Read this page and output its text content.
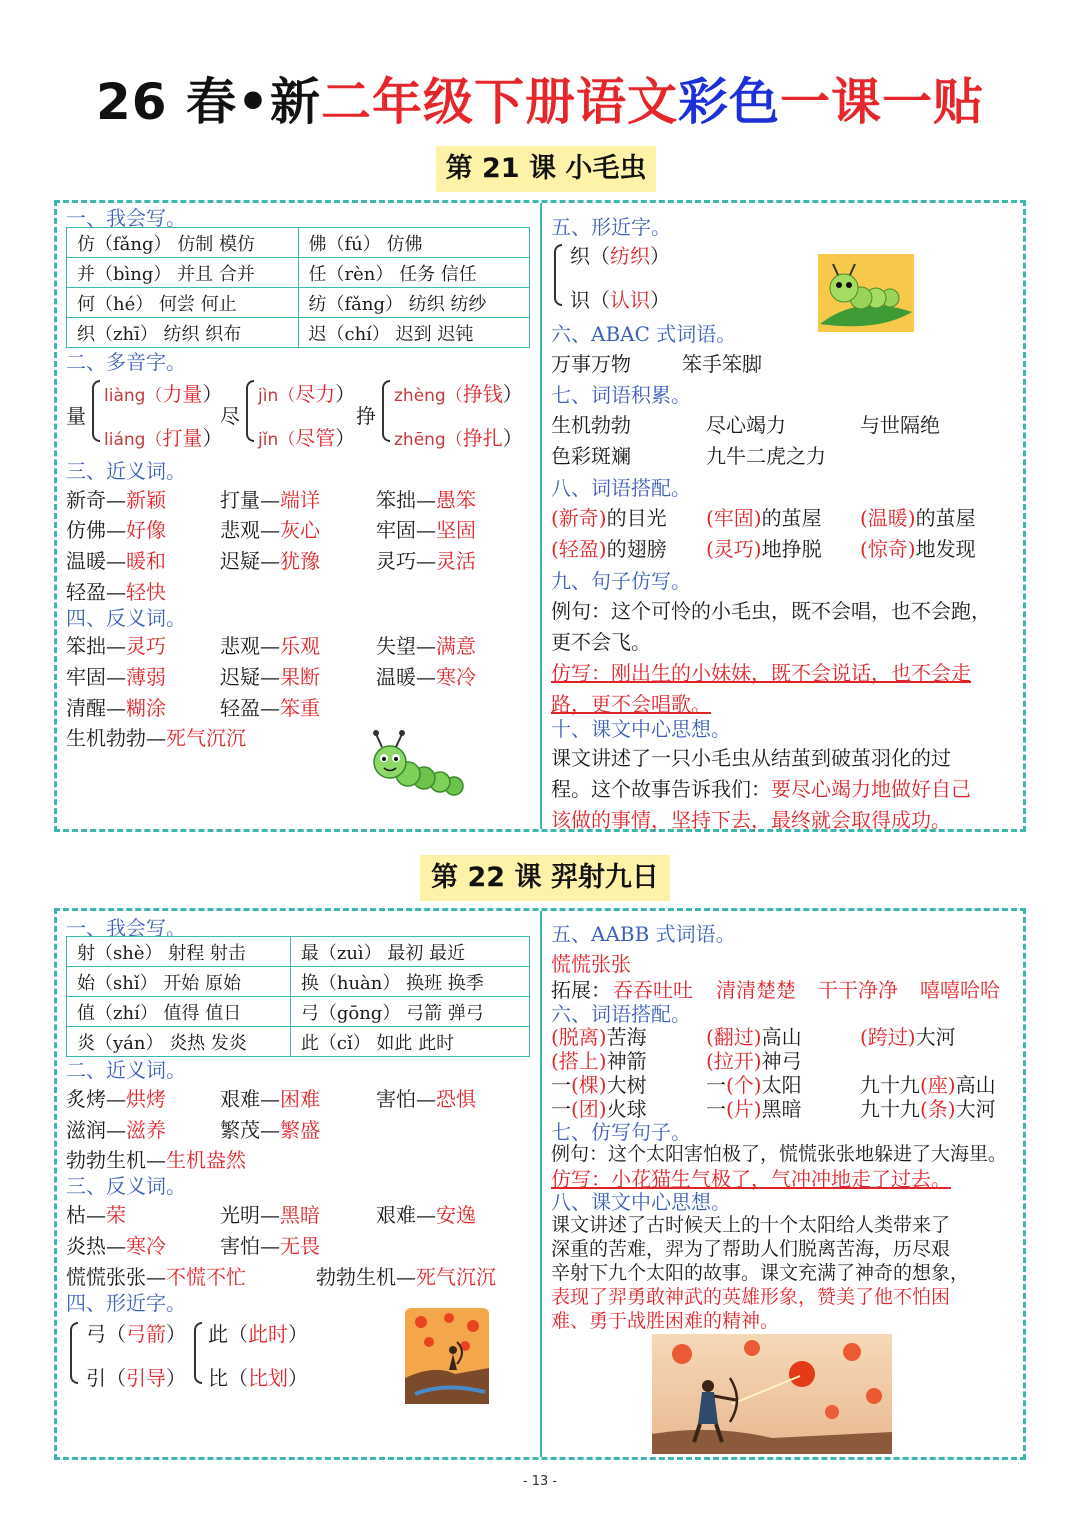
26 春•新二年级下册语文彩色一课一贴
第 21 课 小毛虫
一、我会写。
仿（fǎng） 仿制 模仿	佛（fú） 仿佛
并（bìng） 并且 合并	任（rèn） 任务 信任
何（hé） 何尝 何止	纺（fǎng） 纺织 纺纱
织（zhī） 纺织 织布	迟（chí） 迟到 迟钝
二、多音字。
量
liàng（力量）
liáng（打量）
尽
jìn（尽力）
jǐn（尽管）
挣
zhèng（挣钱）
zhēng（挣扎）
三、近义词。
新奇—新颖	打量—端详	笨拙—愚笨
仿佛—好像	悲观—灰心	牢固—坚固
温暖—暖和	迟疑—犹豫	灵巧—灵活
轻盈—轻快
四、反义词。
笨拙—灵巧	悲观—乐观	失望—满意
牢固—薄弱	迟疑—果断	温暖—寒冷
清醒—糊涂	轻盈—笨重
生机勃勃—死气沉沉
五、形近字。
织（纺织）
识（认识）
六、ABAC 式词语。
万事万物	笨手笨脚
七、词语积累。
生机勃勃	尽心竭力	与世隔绝
色彩斑斓	九牛二虎之力
八、词语搭配。
(新奇)的目光 (牢固)的茧屋 (温暖)的茧屋
(轻盈)的翅膀 (灵巧)地挣脱 (惊奇)地发现
九、句子仿写。
例句：这个可怜的小毛虫，既不会唱，也不会跑，
更不会飞。
仿写：刚出生的小妹妹，既不会说话，也不会走
路，更不会唱歌。
十、课文中心思想。
课文讲述了一只小毛虫从结茧到破茧羽化的过
程。这个故事告诉我们：要尽心竭力地做好自己
该做的事情，坚持下去，最终就会取得成功。
第 22 课 羿射九日
一、我会写。
射（shè） 射程 射击	最（zuì） 最初 最近
始（shǐ） 开始 原始	换（huàn） 换班 换季
值（zhí） 值得 值日	弓（gōng） 弓箭 弹弓
炎（yán） 炎热 发炎	此（cǐ） 如此 此时
二、近义词。
炙烤—烘烤	艰难—困难	害怕—恐惧
滋润—滋养	繁茂—繁盛
勃勃生机—生机盎然
三、反义词。
枯—荣	光明—黑暗	艰难—安逸
炎热—寒冷	害怕—无畏
慌慌张张—不慌不忙	勃勃生机—死气沉沉
四、形近字。
弓（弓箭）
引（引导）
此（此时）
比（比划）
五、AABB 式词语。
慌慌张张
拓展： 吞吞吐吐 清清楚楚 干干净净 嘻嘻哈哈
六、词语搭配。
(脱离)苦海	(翻过)高山	(跨过)大河
(搭上)神箭	(拉开)神弓
一(棵)大树	一(个)太阳	九十九(座)高山
一(团)火球	一(片)黑暗	九十九(条)大河
七、仿写句子。
例句：这个太阳害怕极了，慌慌张张地躲进了大海里。
仿写：小花猫生气极了，气冲冲地走了过去。
八、课文中心思想。
课文讲述了古时候天上的十个太阳给人类带来了
深重的苦难，羿为了帮助人们脱离苦海，历尽艰
辛射下九个太阳的故事。课文充满了神奇的想象，
表现了羿勇敢神武的英雄形象，赞美了他不怕困
难、勇于战胜困难的精神。
- 13 -
